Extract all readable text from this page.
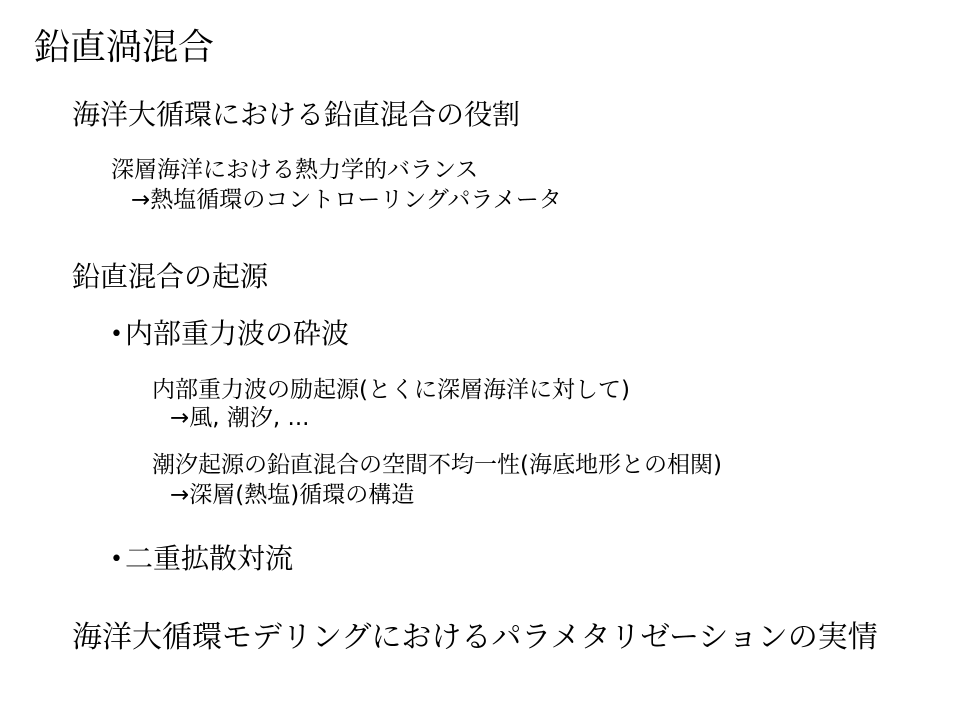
鉛直渦混合
海洋大循環における鉛直混合の役割
深層海洋における熱力学的バランス
→熱塩循環のコントローリングパラメータ
鉛直混合の起源
•内部重力波の砕波
内部重力波の励起源(とくに深層海洋に対して)
→風, 潮汐, ...
潮汐起源の鉛直混合の空間不均一性(海底地形との相関)
→深層(熱塩)循環の構造
•二重拡散対流
海洋大循環モデリングにおけるパラメタリゼーションの実情
